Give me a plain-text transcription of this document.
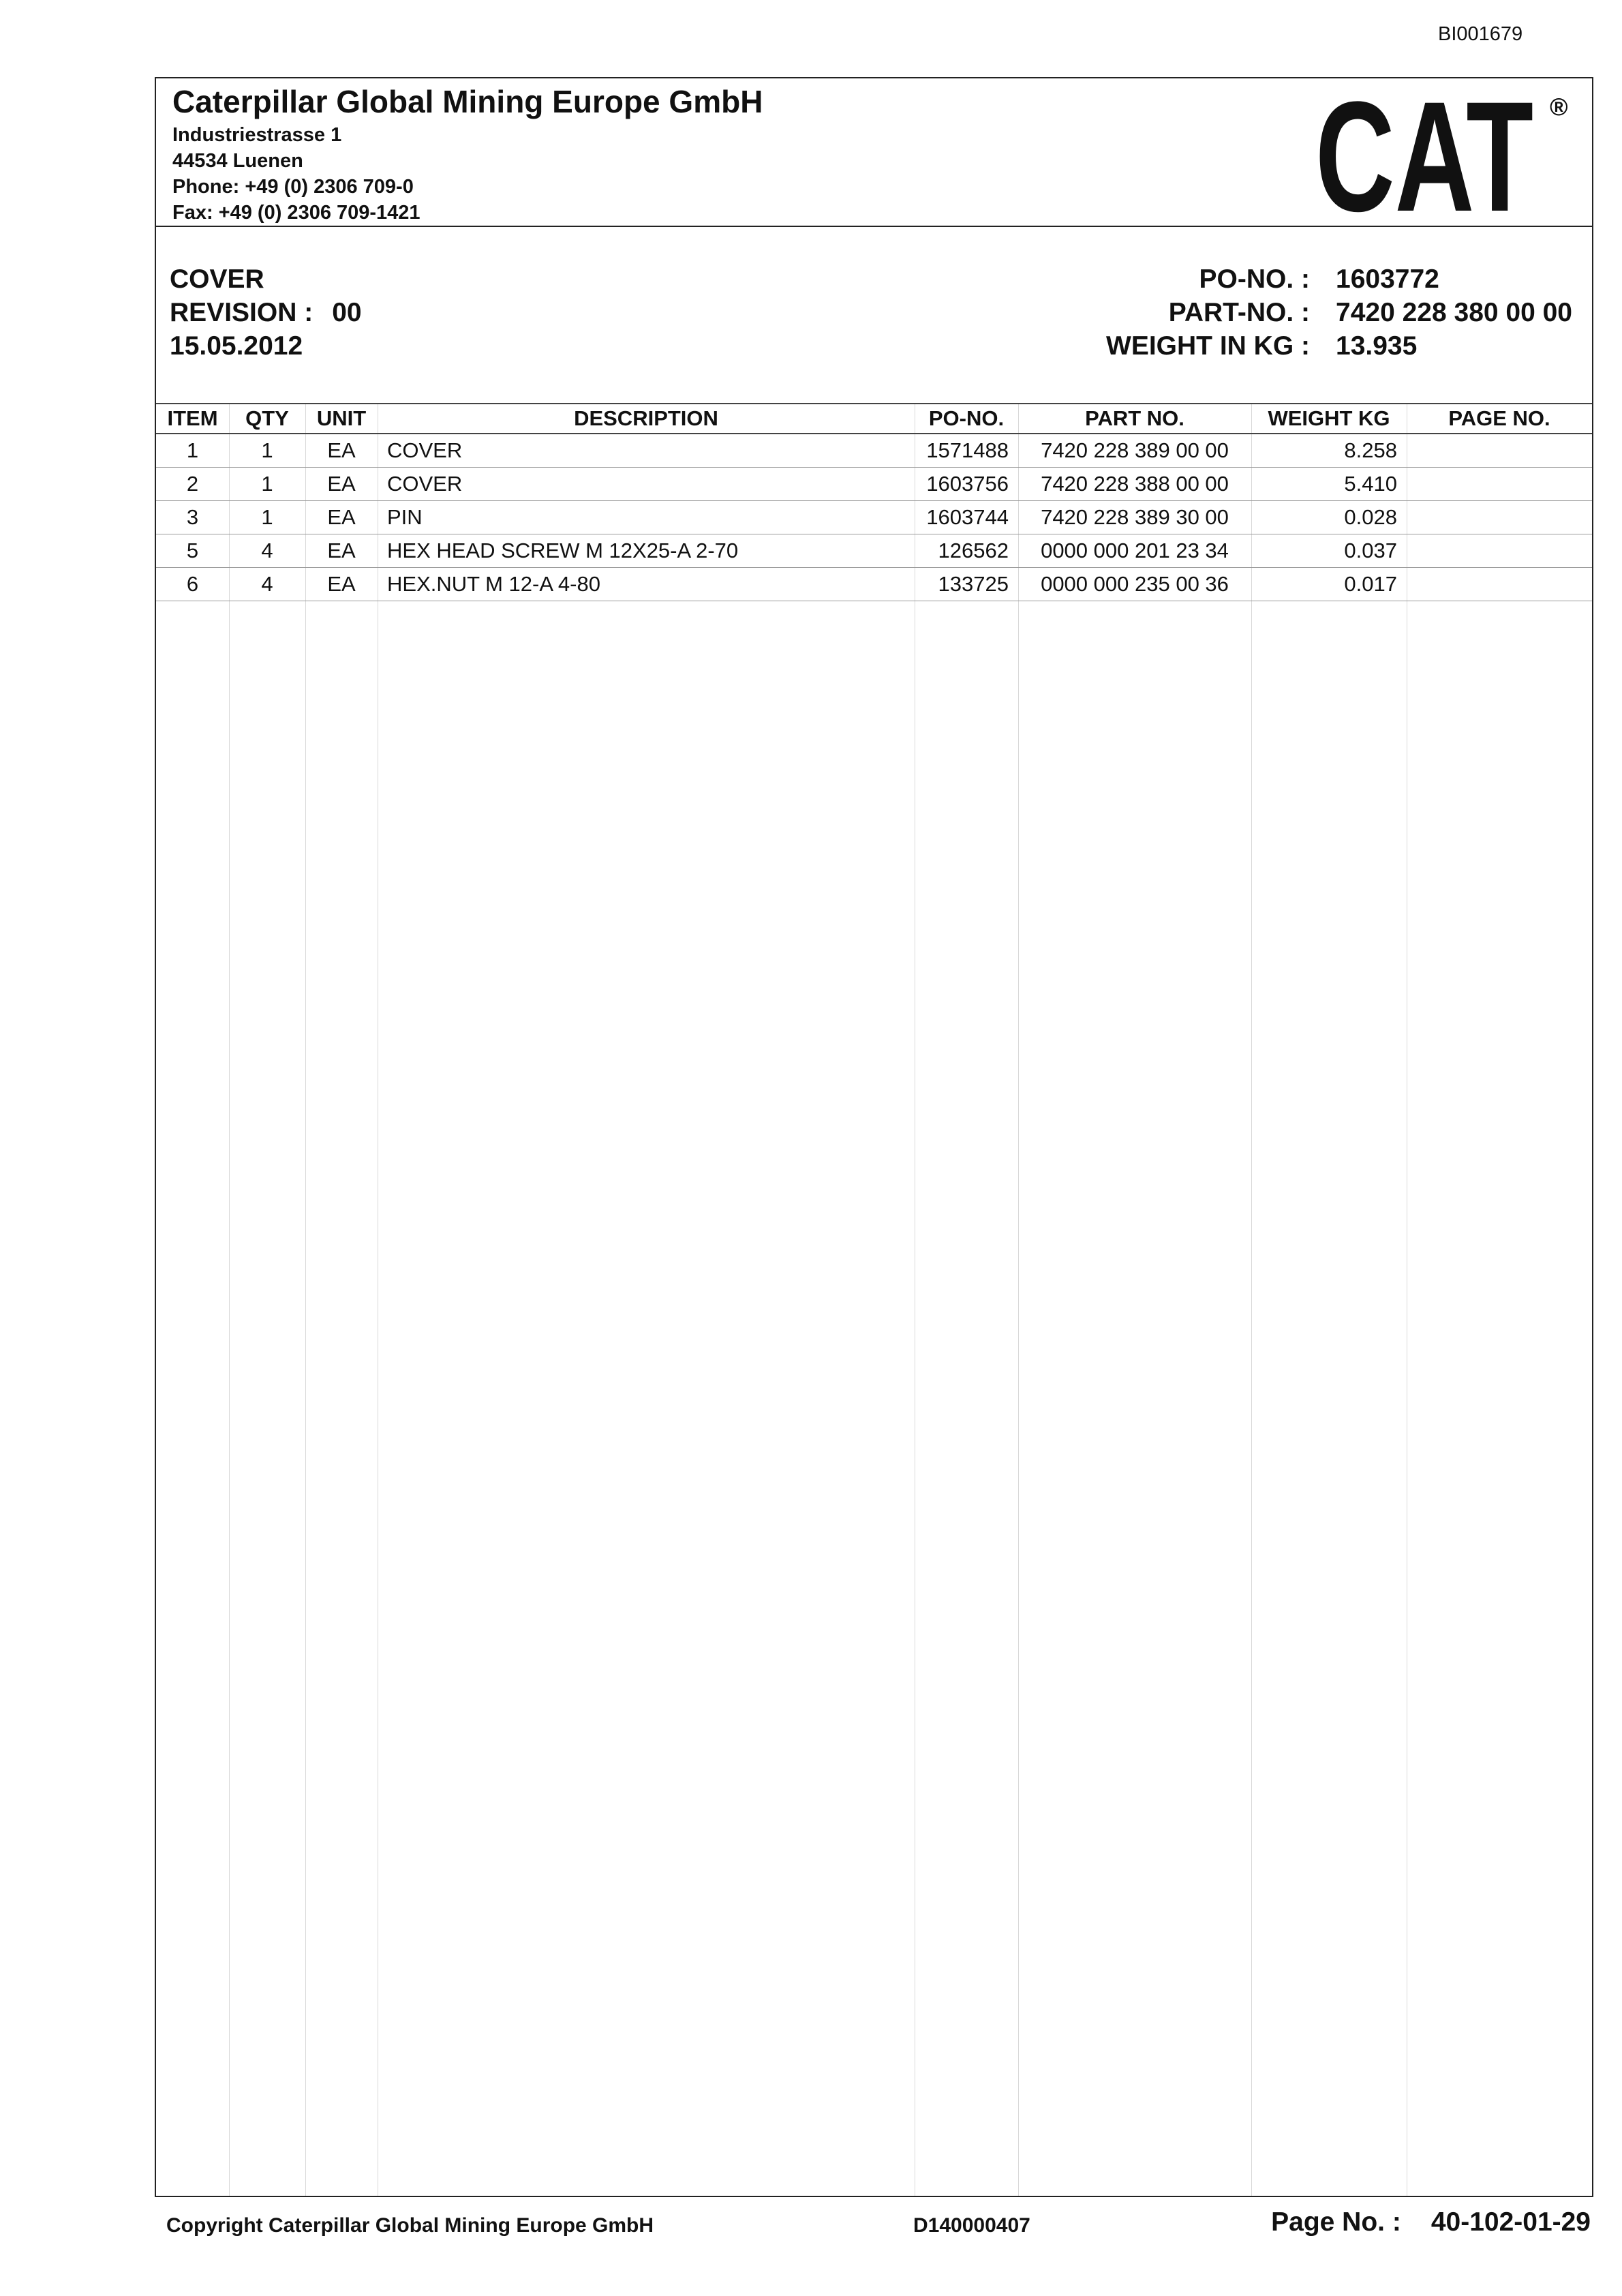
BI001679
Caterpillar Global Mining Europe GmbH
Industriestrasse 1
44534 Luenen
Phone: +49 (0) 2306 709-0
Fax: +49 (0) 2306 709-1421	CAT ®
COVER
REVISION : 00
15.05.2012
PO-NO. : 1603772
PART-NO. : 7420 228 380 00 00
WEIGHT IN KG : 13.935
ITEM	QTY	UNIT	DESCRIPTION	PO-NO.	PART NO.	WEIGHT KG	PAGE NO.
1	1	EA	COVER	1571488	7420 228 389 00 00	8.258	
2	1	EA	COVER	1603756	7420 228 388 00 00	5.410	
3	1	EA	PIN	1603744	7420 228 389 30 00	0.028	
5	4	EA	HEX HEAD SCREW M 12X25-A 2-70	126562	0000 000 201 23 34	0.037	
6	4	EA	HEX.NUT M 12-A 4-80	133725	0000 000 235 00 36	0.017	
Copyright Caterpillar Global Mining Europe GmbH	D140000407	Page No. : 40-102-01-29
